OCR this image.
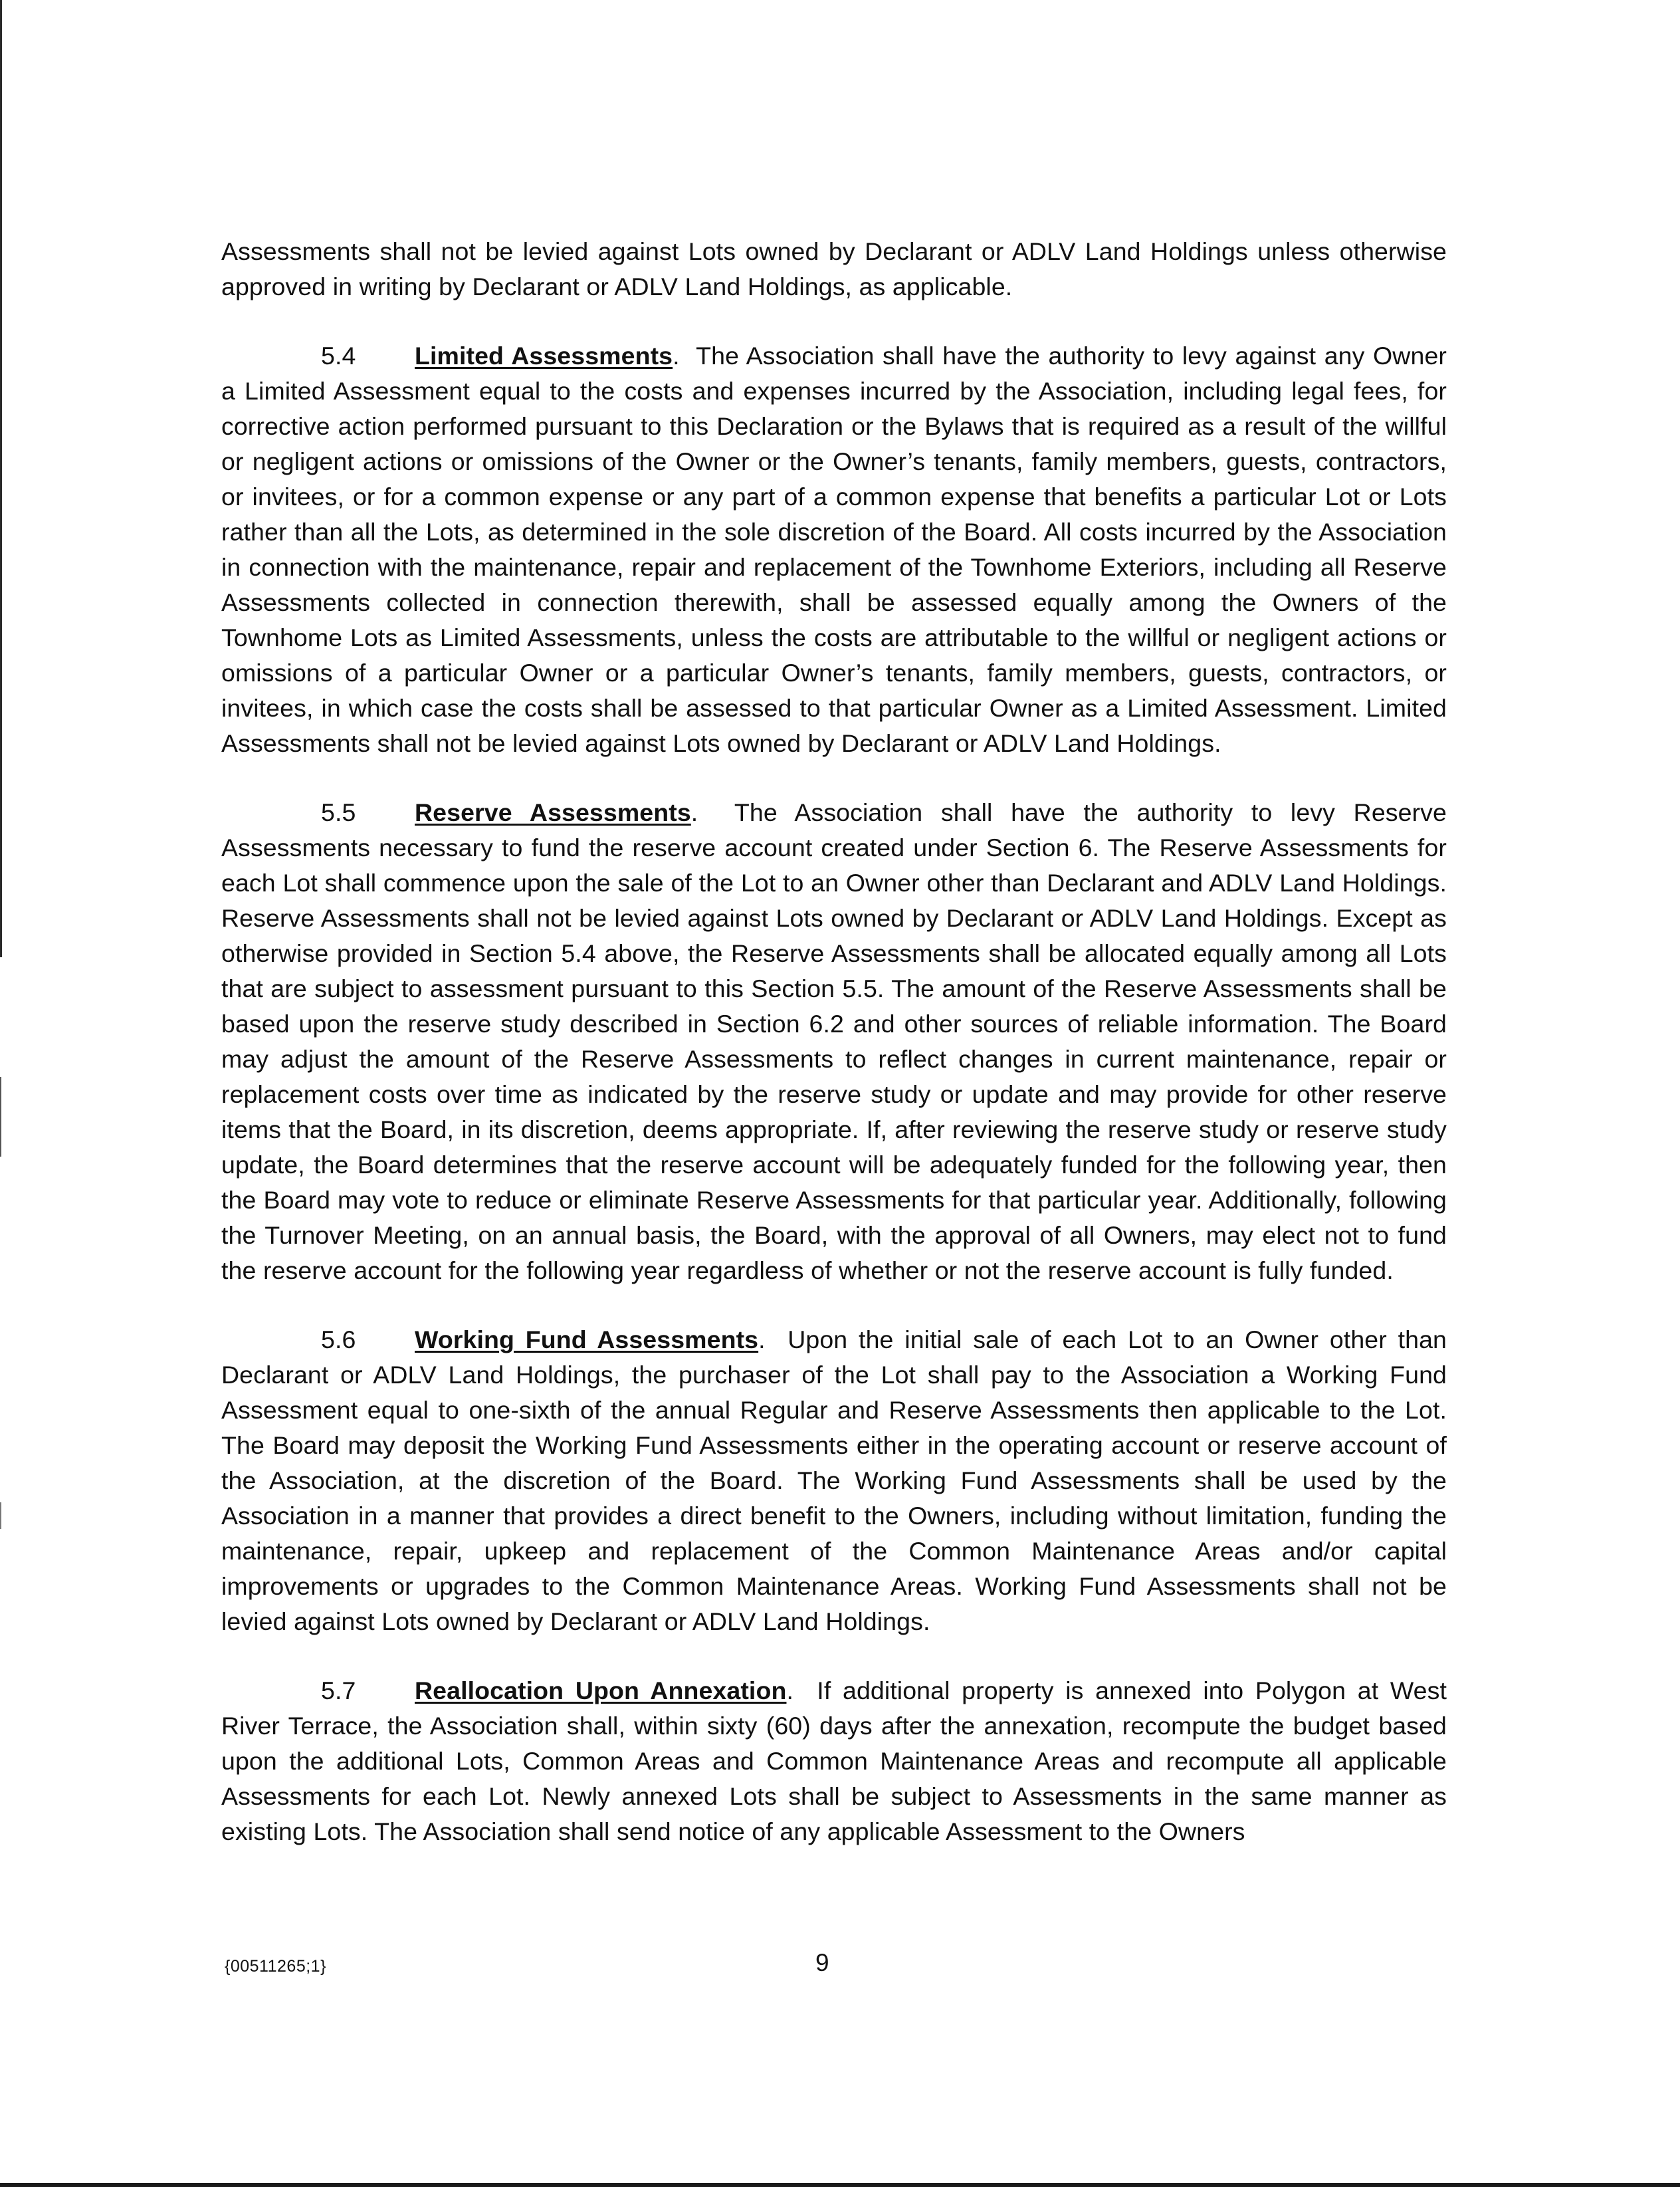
Assessments shall not be levied against Lots owned by Declarant or ADLV Land Holdings unless otherwise approved in writing by Declarant or ADLV Land Holdings, as applicable.

5.4 Limited Assessments.  The Association shall have the authority to levy against any Owner a Limited Assessment equal to the costs and expenses incurred by the Association, including legal fees, for corrective action performed pursuant to this Declaration or the Bylaws that is required as a result of the willful or negligent actions or omissions of the Owner or the Owner’s tenants, family members, guests, contractors, or invitees, or for a common expense or any part of a common expense that benefits a particular Lot or Lots rather than all the Lots, as determined in the sole discretion of the Board. All costs incurred by the Association in connection with the maintenance, repair and replacement of the Townhome Exteriors, including all Reserve Assessments collected in connection therewith, shall be assessed equally among the Owners of the Townhome Lots as Limited Assessments, unless the costs are attributable to the willful or negligent actions or omissions of a particular Owner or a particular Owner’s tenants, family members, guests, contractors, or invitees, in which case the costs shall be assessed to that particular Owner as a Limited Assessment. Limited Assessments shall not be levied against Lots owned by Declarant or ADLV Land Holdings.

5.5 Reserve Assessments.  The Association shall have the authority to levy Reserve Assessments necessary to fund the reserve account created under Section 6. The Reserve Assessments for each Lot shall commence upon the sale of the Lot to an Owner other than Declarant and ADLV Land Holdings. Reserve Assessments shall not be levied against Lots owned by Declarant or ADLV Land Holdings. Except as otherwise provided in Section 5.4 above, the Reserve Assessments shall be allocated equally among all Lots that are subject to assessment pursuant to this Section 5.5. The amount of the Reserve Assessments shall be based upon the reserve study described in Section 6.2 and other sources of reliable information. The Board may adjust the amount of the Reserve Assessments to reflect changes in current maintenance, repair or replacement costs over time as indicated by the reserve study or update and may provide for other reserve items that the Board, in its discretion, deems appropriate. If, after reviewing the reserve study or reserve study update, the Board determines that the reserve account will be adequately funded for the following year, then the Board may vote to reduce or eliminate Reserve Assessments for that particular year. Additionally, following the Turnover Meeting, on an annual basis, the Board, with the approval of all Owners, may elect not to fund the reserve account for the following year regardless of whether or not the reserve account is fully funded.

5.6 Working Fund Assessments.  Upon the initial sale of each Lot to an Owner other than Declarant or ADLV Land Holdings, the purchaser of the Lot shall pay to the Association a Working Fund Assessment equal to one-sixth of the annual Regular and Reserve Assessments then applicable to the Lot. The Board may deposit the Working Fund Assessments either in the operating account or reserve account of the Association, at the discretion of the Board. The Working Fund Assessments shall be used by the Association in a manner that provides a direct benefit to the Owners, including without limitation, funding the maintenance, repair, upkeep and replacement of the Common Maintenance Areas and/or capital improvements or upgrades to the Common Maintenance Areas. Working Fund Assessments shall not be levied against Lots owned by Declarant or ADLV Land Holdings.

5.7 Reallocation Upon Annexation.  If additional property is annexed into Polygon at West River Terrace, the Association shall, within sixty (60) days after the annexation, recompute the budget based upon the additional Lots, Common Areas and Common Maintenance Areas and recompute all applicable Assessments for each Lot. Newly annexed Lots shall be subject to Assessments in the same manner as existing Lots. The Association shall send notice of any applicable Assessment to the Owners

{00511265;1}	9
